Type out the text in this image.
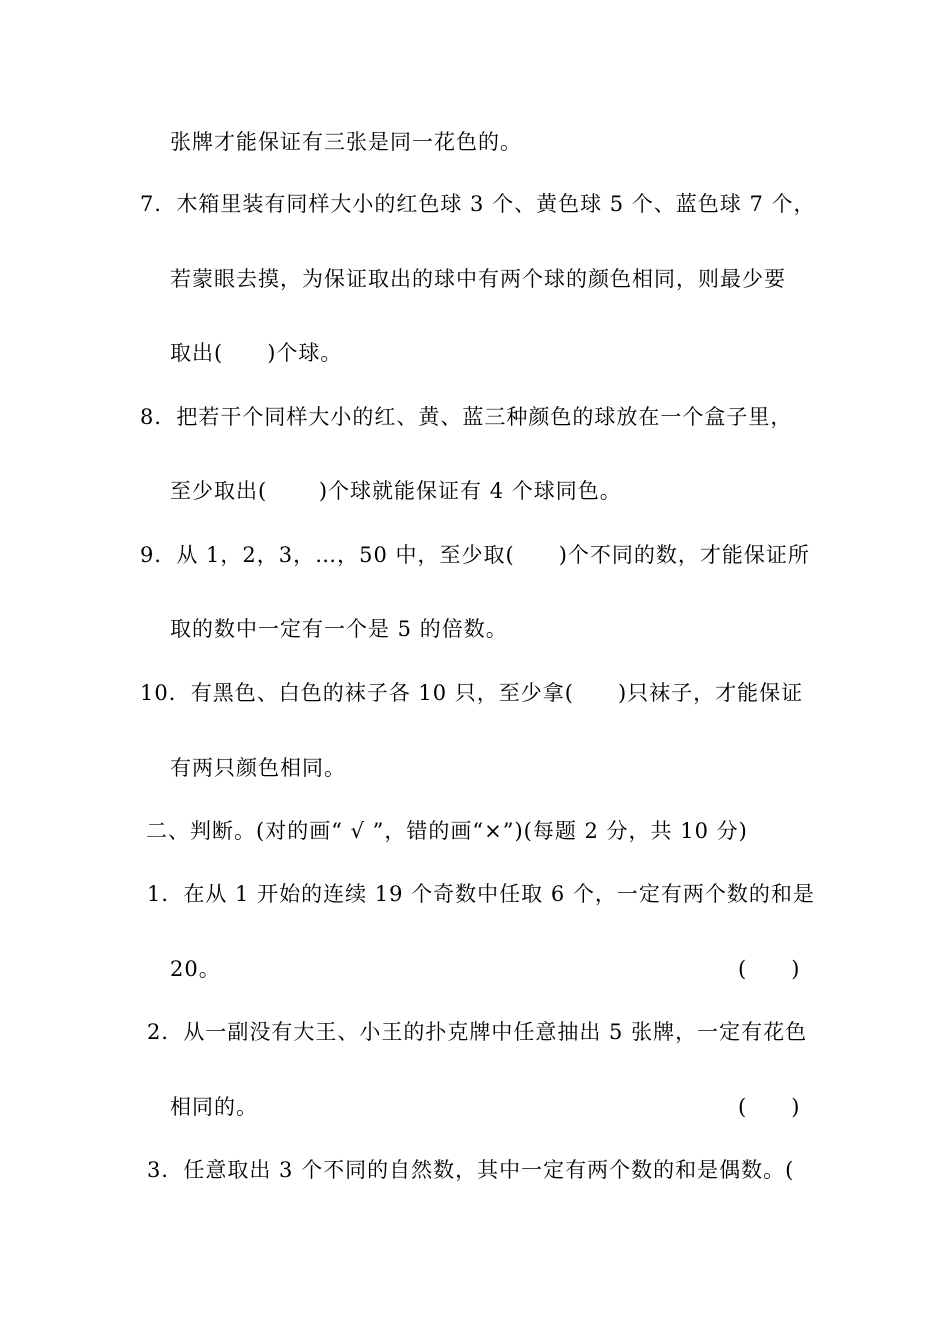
张牌才能保证有三张是同一花色的。
7．木箱里装有同样大小的红色球 3 个、黄色球 5 个、蓝色球 7 个，
若蒙眼去摸，为保证取出的球中有两个球的颜色相同，则最少要
取出(　　)个球。
8．把若干个同样大小的红、黄、蓝三种颜色的球放在一个盒子里，
至少取出(　　 )个球就能保证有 4 个球同色。
9．从 1，2，3，…，50 中，至少取(　　)个不同的数，才能保证所
取的数中一定有一个是 5 的倍数。
10．有黑色、白色的袜子各 10 只，至少拿(　　)只袜子，才能保证
有两只颜色相同。
二、判断。(对的画“ √ ”，错的画“×”)(每题 2 分，共 10 分)
1．在从 1 开始的连续 19 个奇数中任取 6 个，一定有两个数的和是
20。	(　　)
2．从一副没有大王、小王的扑克牌中任意抽出 5 张牌，一定有花色
相同的。	(　　)
3．任意取出 3 个不同的自然数，其中一定有两个数的和是偶数。(
